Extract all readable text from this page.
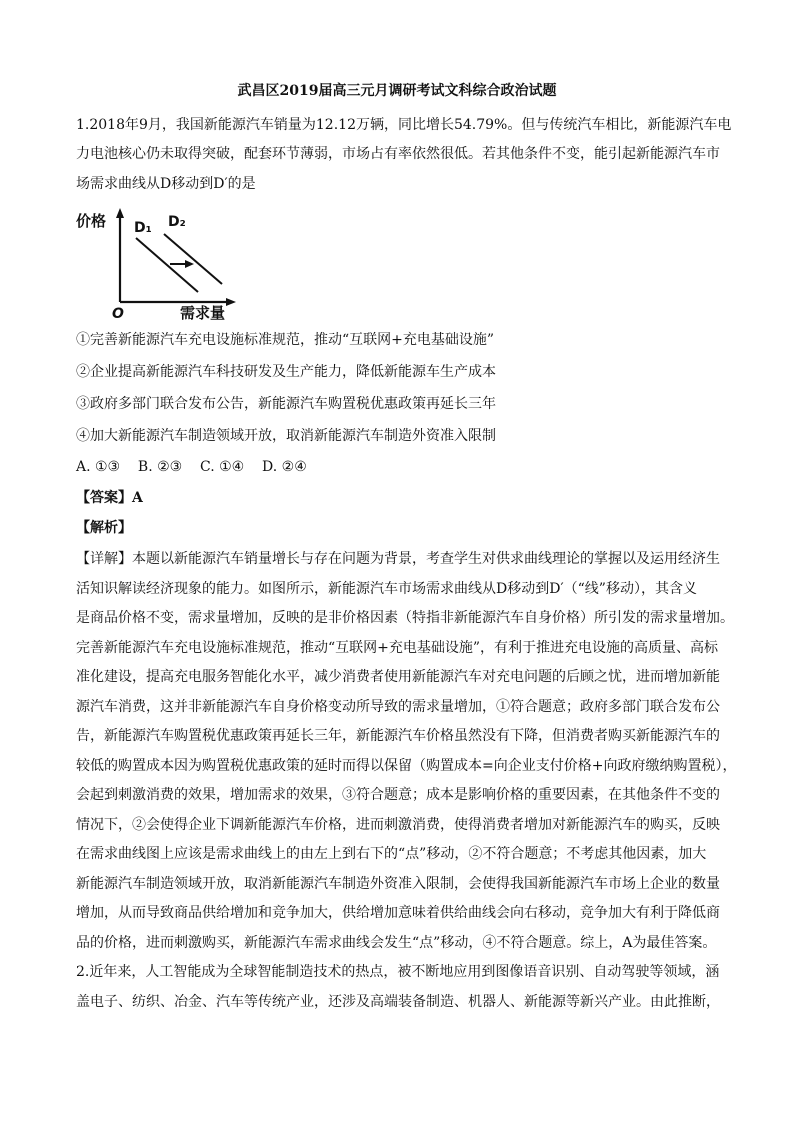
武昌区2019届高三元月调研考试文科综合政治试题
1.2018年9月，我国新能源汽车销量为12.12万辆，同比增长54.79%。但与传统汽车相比，新能源汽车电
力电池核心仍未取得突破，配套环节薄弱，市场占有率依然很低。若其他条件不变，能引起新能源汽车市
场需求曲线从D移动到D′的是
价格 D₁ D₂
O	需求量
①完善新能源汽车充电设施标准规范，推动“互联网+充电基础设施”
②企业提高新能源汽车科技研发及生产能力，降低新能源车生产成本
③政府多部门联合发布公告，新能源汽车购置税优惠政策再延长三年
④加大新能源汽车制造领域开放，取消新能源汽车制造外资准入限制
A. ①③    B. ②③    C. ①④    D. ②④
【答案】A
【解析】
【详解】本题以新能源汽车销量增长与存在问题为背景，考查学生对供求曲线理论的掌握以及运用经济生
活知识解读经济现象的能力。如图所示，新能源汽车市场需求曲线从D移动到D′（“线”移动），其含义
是商品价格不变，需求量增加，反映的是非价格因素（特指非新能源汽车自身价格）所引发的需求量增加。
完善新能源汽车充电设施标准规范，推动“互联网+充电基础设施”，有利于推进充电设施的高质量、高标
准化建设，提高充电服务智能化水平，减少消费者使用新能源汽车对充电问题的后顾之忧，进而增加新能
源汽车消费，这并非新能源汽车自身价格变动所导致的需求量增加，①符合题意；政府多部门联合发布公
告，新能源汽车购置税优惠政策再延长三年，新能源汽车价格虽然没有下降，但消费者购买新能源汽车的
较低的购置成本因为购置税优惠政策的延时而得以保留（购置成本=向企业支付价格+向政府缴纳购置税），
会起到刺激消费的效果，增加需求的效果，③符合题意；成本是影响价格的重要因素，在其他条件不变的
情况下，②会使得企业下调新能源汽车价格，进而刺激消费，使得消费者增加对新能源汽车的购买，反映
在需求曲线图上应该是需求曲线上的由左上到右下的“点”移动，②不符合题意；不考虑其他因素，加大
新能源汽车制造领域开放，取消新能源汽车制造外资准入限制，会使得我国新能源汽车市场上企业的数量
增加，从而导致商品供给增加和竞争加大，供给增加意味着供给曲线会向右移动，竞争加大有利于降低商
品的价格，进而刺激购买，新能源汽车需求曲线会发生“点”移动，④不符合题意。综上，A为最佳答案。
2.近年来，人工智能成为全球智能制造技术的热点，被不断地应用到图像语音识别、自动驾驶等领域，涵
盖电子、纺织、冶金、汽车等传统产业，还涉及高端装备制造、机器人、新能源等新兴产业。由此推断，
